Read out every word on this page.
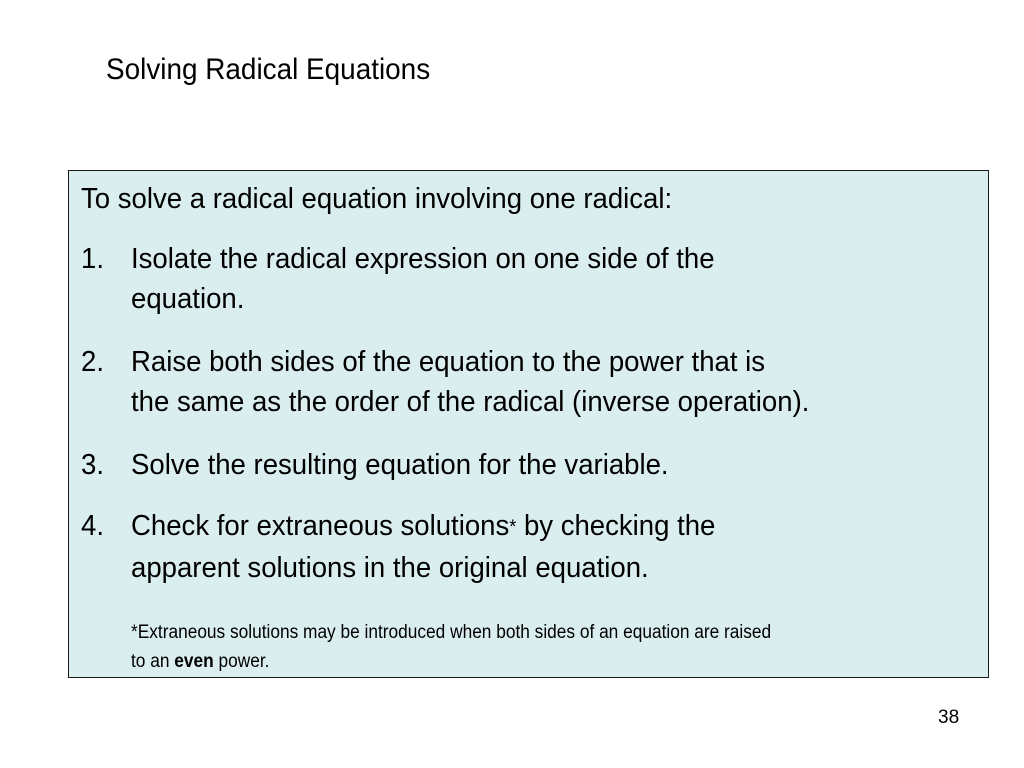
Solving Radical Equations
To solve a radical equation involving one radical:
1. Isolate the radical expression on one side of the
equation.

2. Raise both sides of the equation to the power that is
the same as the order of the radical (inverse operation).

3. Solve the resulting equation for the variable.

4. Check for extraneous solutions* by checking the
apparent solutions in the original equation.

*Extraneous solutions may be introduced when both sides of an equation are raised
to an even power.
38
